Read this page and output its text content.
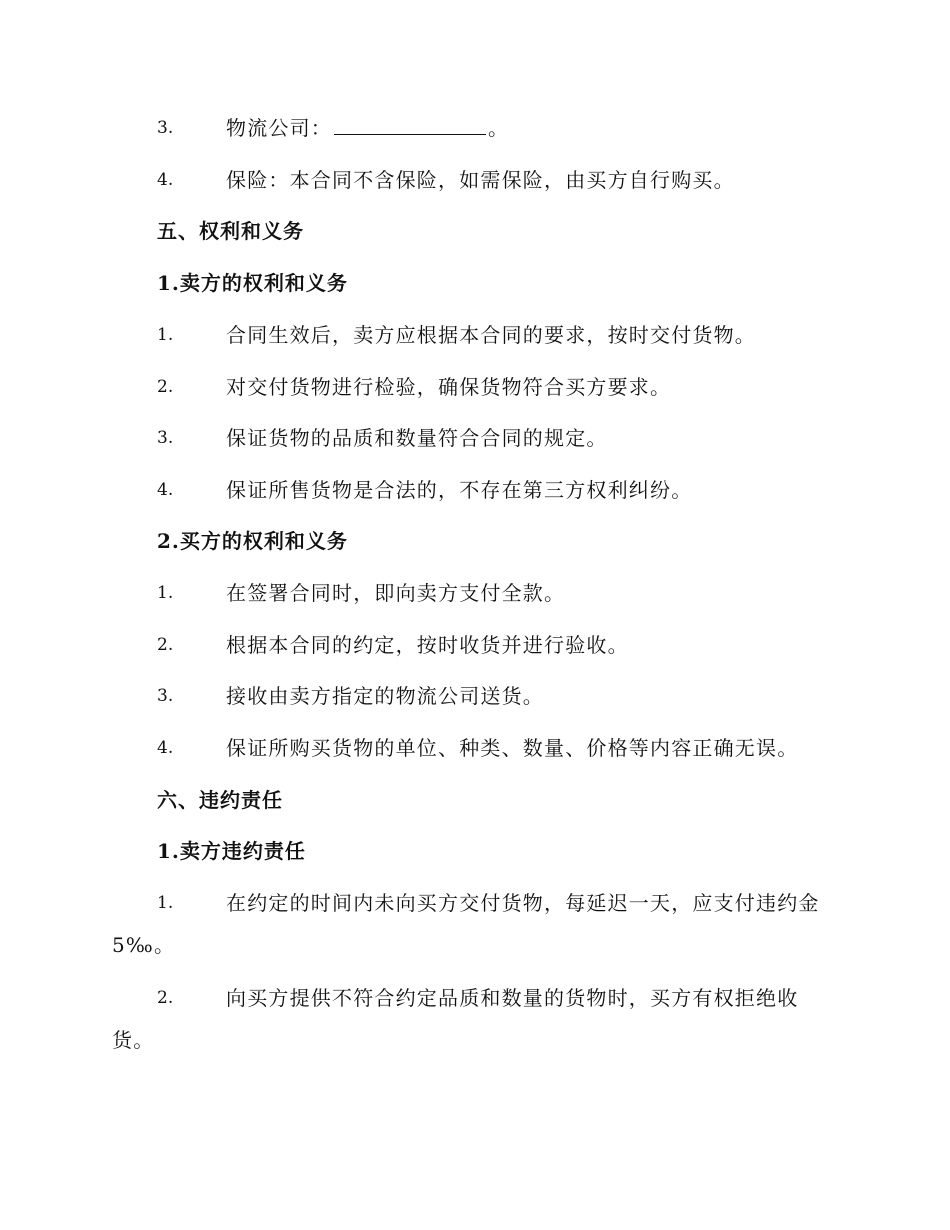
3.	物流公司：	。
4.	保险：本合同不含保险，如需保险，由买方自行购买。
五、权利和义务
1.卖方的权利和义务
1.	合同生效后，卖方应根据本合同的要求，按时交付货物。
2.	对交付货物进行检验，确保货物符合买方要求。
3.	保证货物的品质和数量符合合同的规定。
4.	保证所售货物是合法的，不存在第三方权利纠纷。
2.买方的权利和义务
1.	在签署合同时，即向卖方支付全款。
2.	根据本合同的约定，按时收货并进行验收。
3.	接收由卖方指定的物流公司送货。
4.	保证所购买货物的单位、种类、数量、价格等内容正确无误。
六、违约责任
1.卖方违约责任
1.	在约定的时间内未向买方交付货物，每延迟一天，应支付违约金
5‰。
2.	向买方提供不符合约定品质和数量的货物时，买方有权拒绝收
货。
